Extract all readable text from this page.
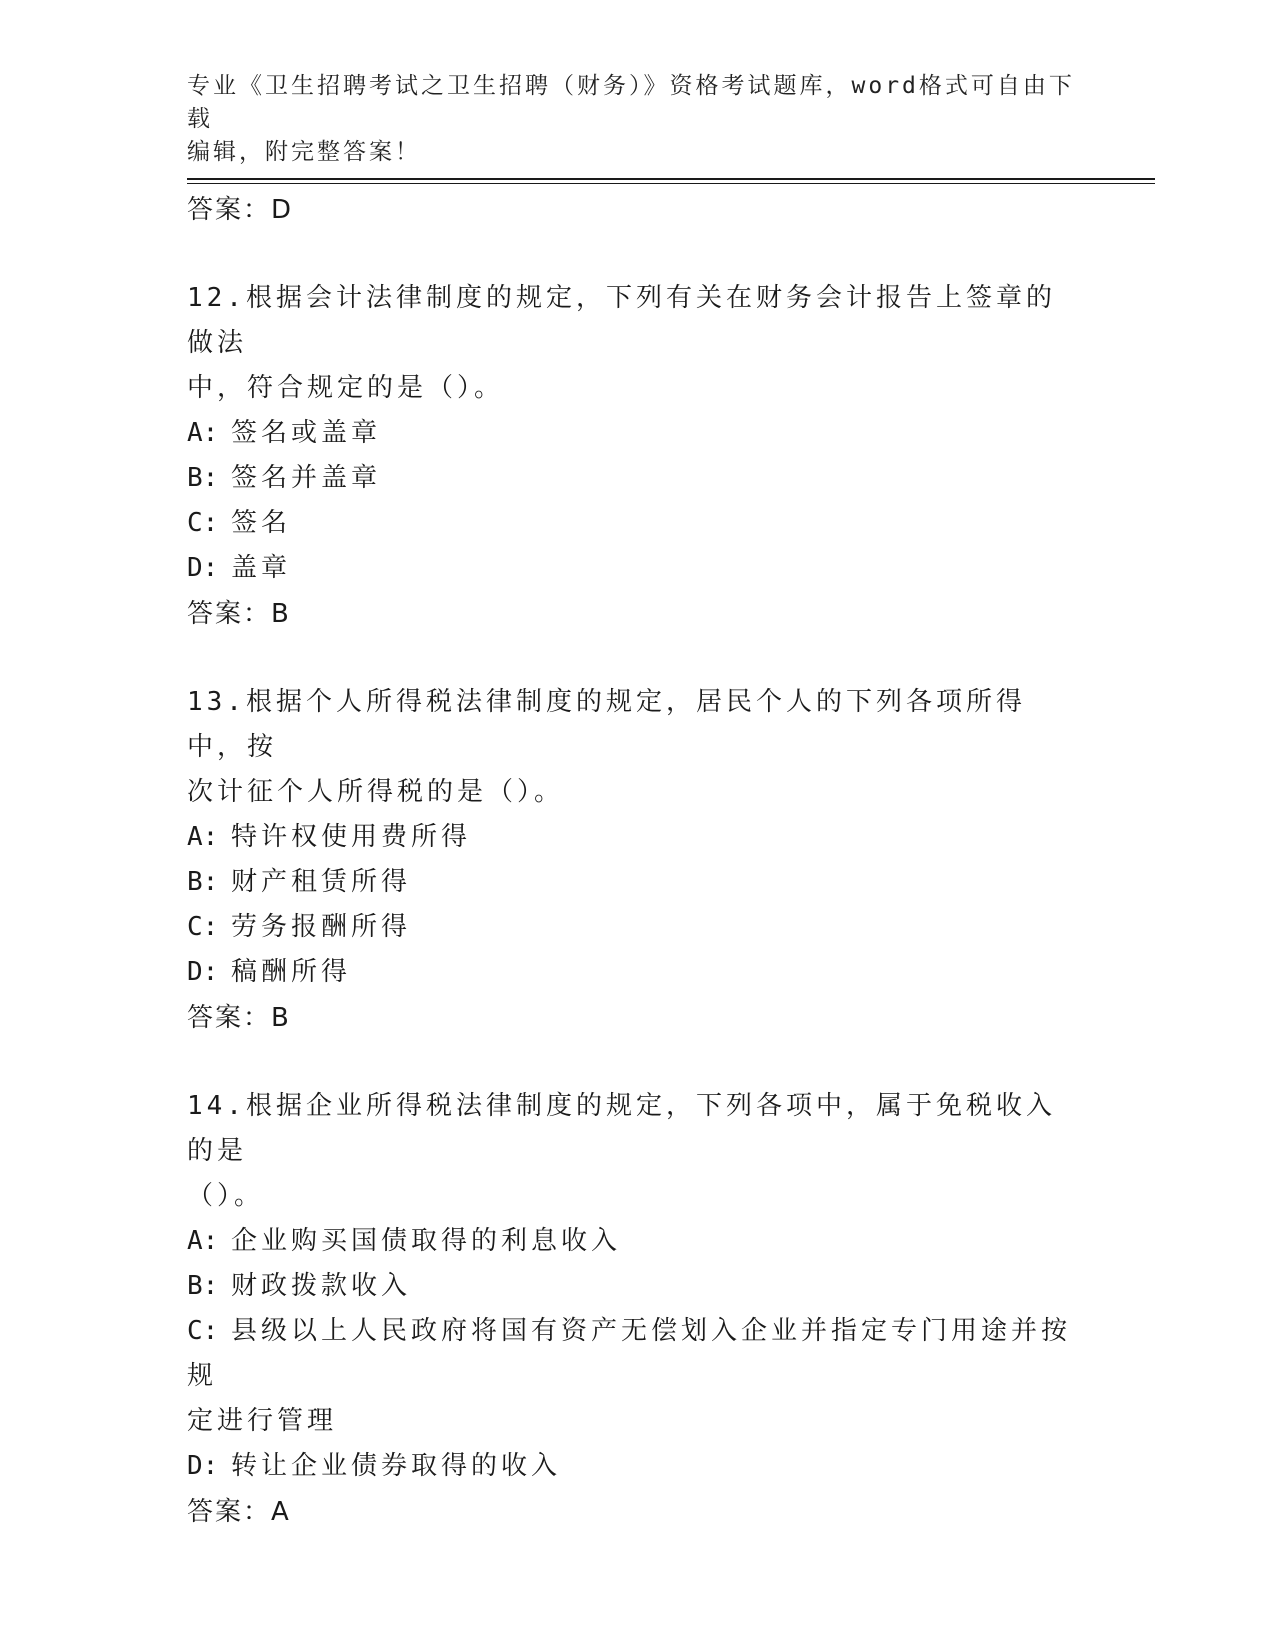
专业《卫生招聘考试之卫生招聘（财务）》资格考试题库，word格式可自由下载
编辑，附完整答案！
答案：D
12.根据会计法律制度的规定，下列有关在财务会计报告上签章的做法
中，符合规定的是（）。
A: 签名或盖章
B: 签名并盖章
C: 签名
D: 盖章
答案：B
13.根据个人所得税法律制度的规定，居民个人的下列各项所得中，按
次计征个人所得税的是（）。
A: 特许权使用费所得
B: 财产租赁所得
C: 劳务报酬所得
D: 稿酬所得
答案：B
14.根据企业所得税法律制度的规定，下列各项中，属于免税收入的是
（）。
A: 企业购买国债取得的利息收入
B: 财政拨款收入
C: 县级以上人民政府将国有资产无偿划入企业并指定专门用途并按规
定进行管理
D: 转让企业债券取得的收入
答案：A
